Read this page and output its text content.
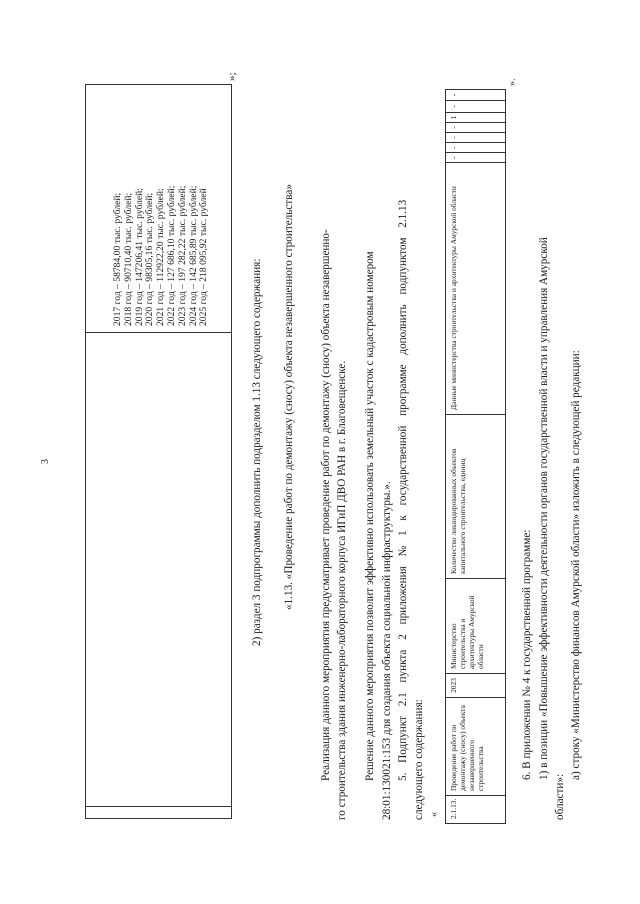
3
2017 год – 58784,00 тыс. рублей; 2018 год – 90710,40 тыс. рублей; 2019 год – 147206,41 тыс. рублей; 2020 год – 98305,16 тыс. рублей; 2021 год – 112922,20 тыс. рублей; 2022 год – 127 686,10 тыс. рублей; 2023 год – 197 282,22 тыс. рублей; 2024 год – 142 685,89 тыс. рублей; 2025 год – 218 095,92 тыс. рублей
»;
2) раздел 3 подпрограммы дополнить подразделом 1.13 следующего содержания: «1.13. «Проведение работ по демонтажу (сносу) объекта незавершенного строительства» Реализация данного мероприятия предусматривает проведение работ по демонтажу (сносу) объекта незавершенно- го строительства здания инженерно-лабораторного корпуса ИГиП ДВО РАН в г. Благовещенске. Решение данного мероприятия позволит эффективно использовать земельный участок с кадастровым номером 28:01:130021:153 для создания объекта социальной инфраструктуры.». 5. Подпункт 2.1 пункта 2 приложения № 1 к государственной программе дополнить подпунктом 2.1.13 следующего содержания: «	2.1.13.
Проведение работ по демонтажу (сносу) объекта незавершенного строительства
2023
Министерство строительства и архитектуры Амурской области
Количество ликвидированных объектов капитального строительства, единиц
Данные министерства строительства и архитектуры Амурской области
-
-
-
-
1
-
-
».
6. В приложении № 4 к государственной программе: 1) в позиции «Повышение эффективности деятельности органов государственной власти и управления Амурской
области»:
а) строку «Министерство финансов Амурской области» изложить в следующей редакции:
